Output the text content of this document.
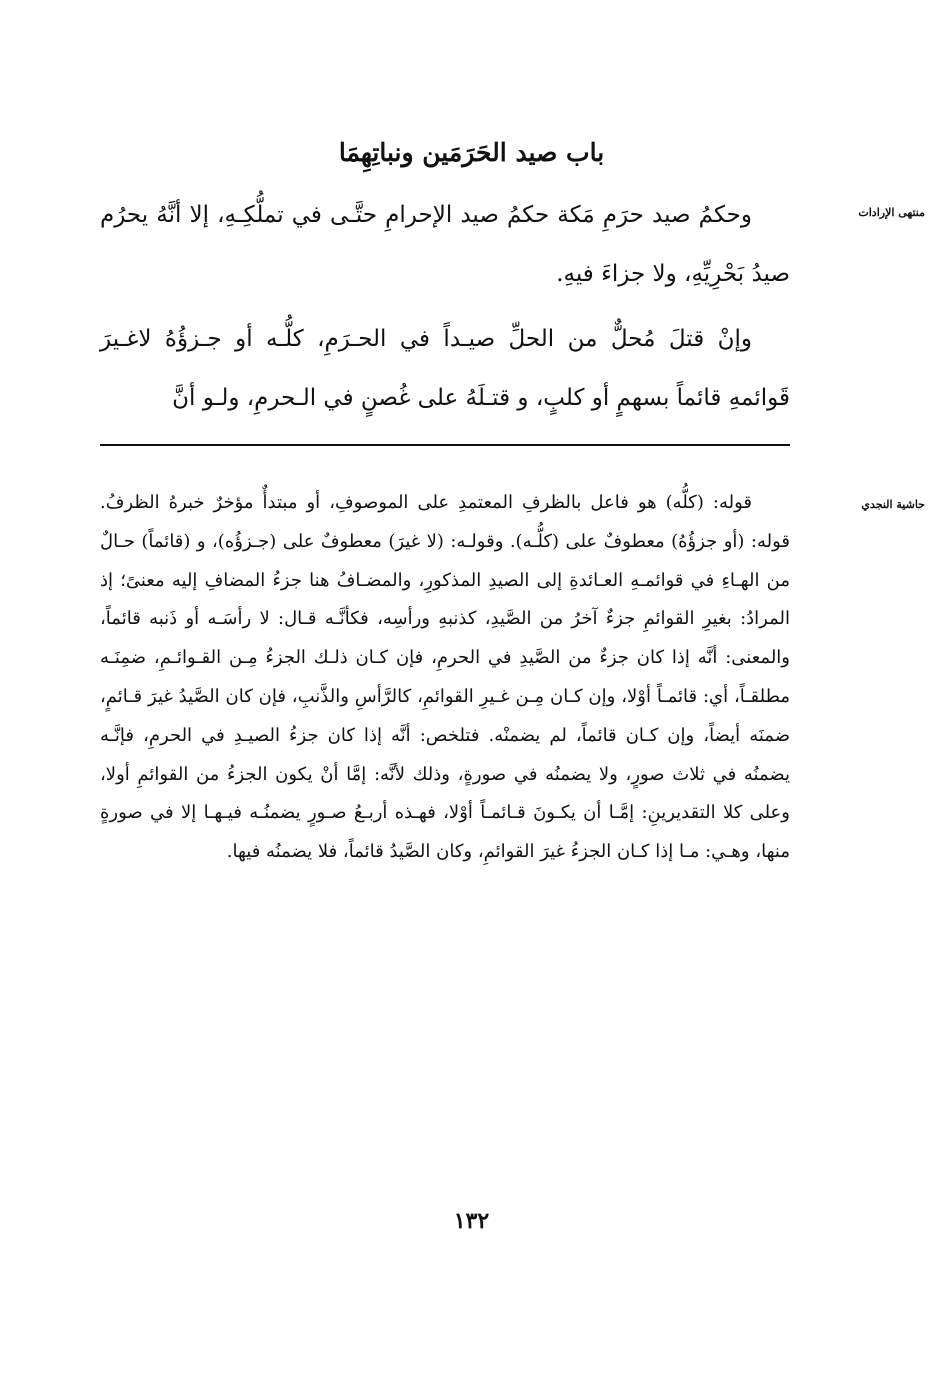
باب صيد الحَرَمَين ونباتِهِمَا
منتهى الإرادات

وحكمُ صيد حرَمِ مَكة حكمُ صيد الإحرامِ حتَّـى في تملُّكِـهِ، إلا أنَّهُ يحرُم صيدُ بَحْرِيِّهِ، ولا جزاءَ فيهِ.

وإنْ قتلَ مُحلٌّ من الحلِّ صيـداً في الحـرَمِ، كلُّـه أو جـزؤُهُ لاغـيرَ قَوائمهِ قائماً بسهمٍ أو كلبٍ، و قتـلَهُ على غُصنٍ في الـحرمِ، ولـو أنَّ

حاشية النجدي

قوله: (كلُّه) هو فاعل بالظرفِ المعتمدِ على الموصوفِ، أو مبتدأٌ مؤخرٌ خبرهُ الظرفُ. قوله: (أو جزؤُهُ) معطوفٌ على (كلُّـه). وقولـه: (لا غيرَ) معطوفٌ على (جـزؤُه)، و (قائماً) حـالٌ من الهـاءِ في قوائمـهِ العـائدةِ إلى الصيدِ المذكورِ، والمضـافُ هنا جزءُ المضافِ إليه معنىً؛ إذ المرادُ: بغيرِ القوائمِ جزءٌ آخرُ من الصَّيدِ، كذنبهِ ورأسِه، فكأنَّـه قـال: لا رأسَـه أو ذَنبه قائماً، والمعنى: أنَّه إذا كان جزءٌ من الصَّيدِ في الحرمِ، فإن كـان ذلـك الجزءُ مِـن القـوائـمِ، ضمِنَـه مطلقـاً، أي: قائمـاً أوْلا، وإن كـان مِـن غـيرِ القوائمِ، كالرَّأسِ والذَّنبِ، فإن كان الصَّيدُ غيرَ قـائمٍ، ضمنَه أيضاً، وإن كـان قائماً، لم يضمنْه. فتلخص: أنَّه إذا كان جزءُ الصيـدِ في الحرمِ، فإنَّـه يضمنُه في ثلاث صورٍ، ولا يضمنُه في صورةٍ، وذلك لأنَّه: إمَّا أنْ يكون الجزءُ من القوائمِ أولا، وعلى كلا التقديرينِ: إمَّـا أن يكـونَ قـائمـاً أوْلا، فهـذه أربـعُ صـورٍ يضمنُـه فيـهـا إلا في صورةٍ منها، وهـي: مـا إذا كـان الجزءُ غيرَ القوائمِ، وكان الصَّيدُ قائماً، فلا يضمنُه فيها.

١٣٢
